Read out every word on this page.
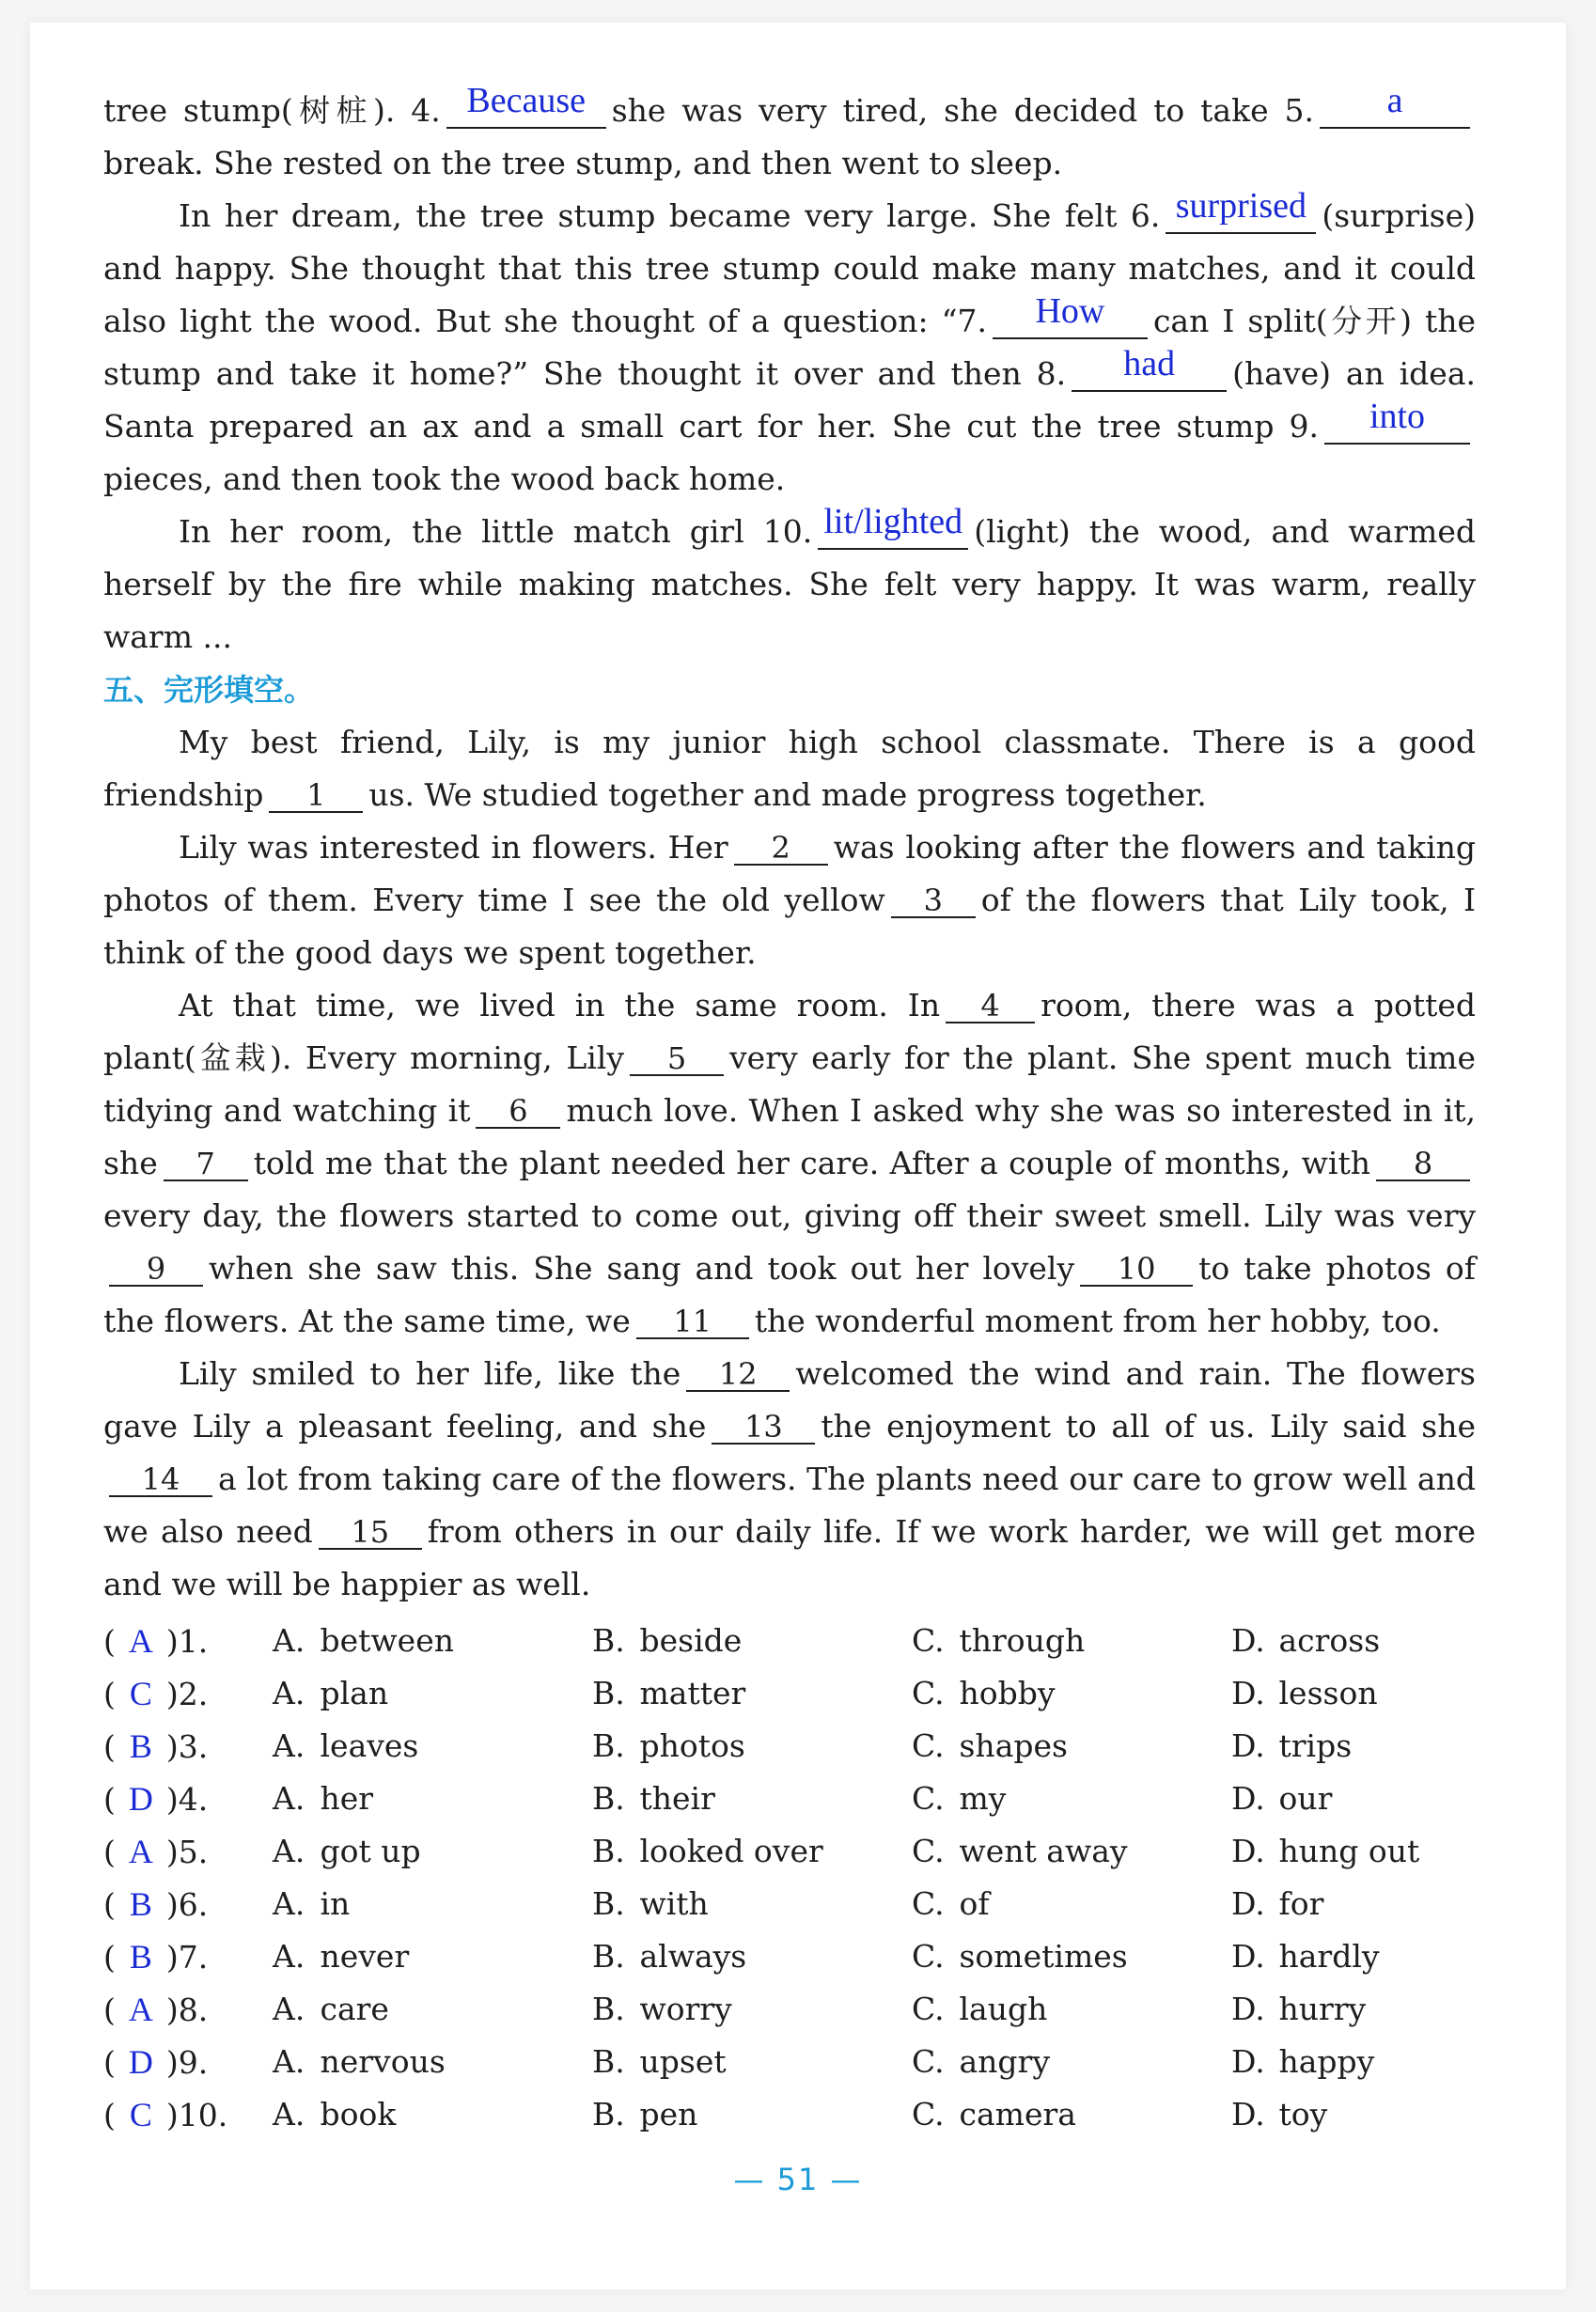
tree stump(树桩). 4. Because she was very tired, she decided to take 5. abreak. She rested on the tree stump, and then went to sleep.

In her dream, the tree stump became very large. She felt 6. surprised (surprise) and happy. She thought that this tree stump could make many matches, and it could also light the wood. But she thought of a question: “7. How can I split(分开) the stump and take it home?” She thought it over and then 8. had (have) an idea. Santa prepared an ax and a small cart for her. She cut the tree stump 9. intopieces, and then took the wood back home.

In her room, the little match girl 10. lit/lighted (light) the wood, and warmed herself by the fire while making matches. She felt very happy. It was warm, really warm ...

五、完形填空。

My best friend, Lily, is my junior high school classmate. There is a good friendship 1 us. We studied together and made progress together.

Lily was interested in flowers. Her 2 was looking after the flowers and taking photos of them. Every time I see the old yellow 3 of the flowers that Lily took, I think of the good days we spent together.

At that time, we lived in the same room. In 4 room, there was a potted plant(盆栽). Every morning, Lily 5 very early for the plant. She spent much time tidying and watching it 6 much love. When I asked why she was so interested in it, she 7 told me that the plant needed her care. After a couple of months, with 8every day, the flowers started to come out, giving off their sweet smell. Lily was very9 when she saw this. She sang and took out her lovely 10 to take photos of the flowers. At the same time, we 11 the wonderful moment from her hobby, too.

Lily smiled to her life, like the 12 welcomed the wind and rain. The flowers gave Lily a pleasant feeling, and she 13 the enjoyment to all of us. Lily said she14 a lot from taking care of the flowers. The plants need our care to grow well and we also need 15 from others in our daily life. If we work harder, we will get more and we will be happier as well.

( A )1.	A. between	B. beside	C. through	D. across
( C )2.	A. plan	B. matter	C. hobby	D. lesson
( B )3.	A. leaves	B. photos	C. shapes	D. trips
( D )4.	A. her	B. their	C. my	D. our
( A )5.	A. got up	B. looked over	C. went away	D. hung out
( B )6.	A. in	B. with	C. of	D. for
( B )7.	A. never	B. always	C. sometimes	D. hardly
( A )8.	A. care	B. worry	C. laugh	D. hurry
( D )9.	A. nervous	B. upset	C. angry	D. happy
( C )10.	A. book	B. pen	C. camera	D. toy
— 51 —
